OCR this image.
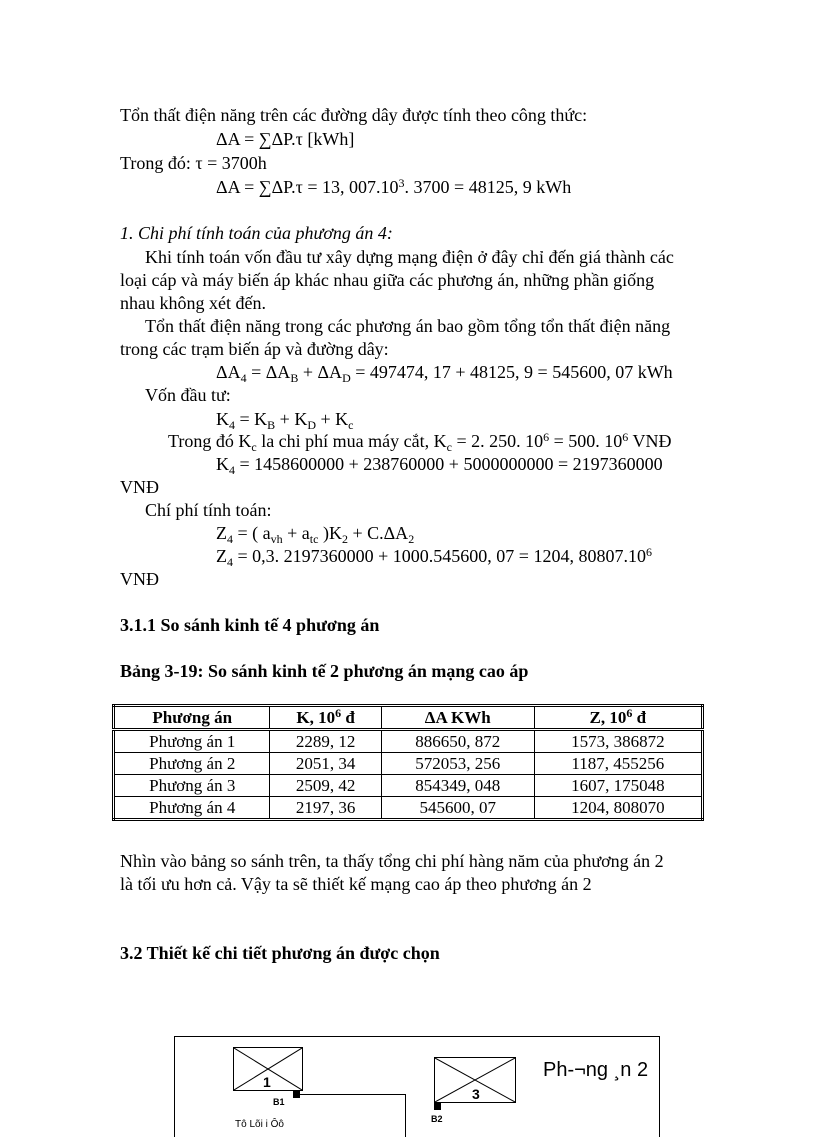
Tổn thất điện năng trên các đường dây được tính theo công thức:
ΔA = ∑ΔP.τ [kWh]
Trong đó: τ = 3700h
ΔA = ∑ΔP.τ = 13, 007.10$^3$. 3700 = 48125, 9 kWh
1. Chi phí tính toán của phương án 4:
Khi tính toán vốn đầu tư xây dựng mạng điện ở đây chỉ đến giá thành các
loại cáp và máy biến áp khác nhau giữa các phương án, những phần giống
nhau không xét đến.
Tổn thất điện năng trong các phương án bao gồm tổng tổn thất điện năng
trong các trạm biến áp và đường dây:
$\Delta A_4 = \Delta A_B + \Delta A_D = 497474$, 17 + 48125, 9 = 545600, 07 kWh
Vốn đầu tư:
$K_4 = K_B + K_D + K_c$
Trong đó $K_c$ la chi phí mua máy cắt, $K_c = 2$. 250. $10^6 = 500$. $10^6$ VNĐ
$K_4 = 1458600000 + 238760000 + 5000000000 = 2197360000$
VNĐ
Chí phí tính toán:
$Z_4$ = ( $a_{vh} + a_{tc}$ )$K_2 + C.\Delta A_2$
$Z_4 = 0,3$. 2197360000 + 1000.545600, 07 = 1204, 80807.10$^6$
VNĐ
3.1.1 So sánh kinh tế 4 phương án
Bảng 3-19: So sánh kinh tế 2 phương án mạng cao áp
Phương án	K, $10^6$ đ	ΔA KWh	Z, $10^6$ đ
Phương án 1	2289, 12	886650, 872	1573, 386872
Phương án 2	2051, 34	572053, 256	1187, 455256
Phương án 3	2509, 42	854349, 048	1607, 175048
Phương án 4	2197, 36	545600, 07	1204, 808070
Nhìn vào bảng so sánh trên, ta thấy tổng chi phí hàng năm của phương án 2
là tối ưu hơn cả. Vậy ta sẽ thiết kế mạng cao áp theo phương án 2
3.2 Thiết kế chi tiết phương án được chọn
1
B1	3
B2
Ph-¬ng ¸n 2
Tô Lõi i Ôô
